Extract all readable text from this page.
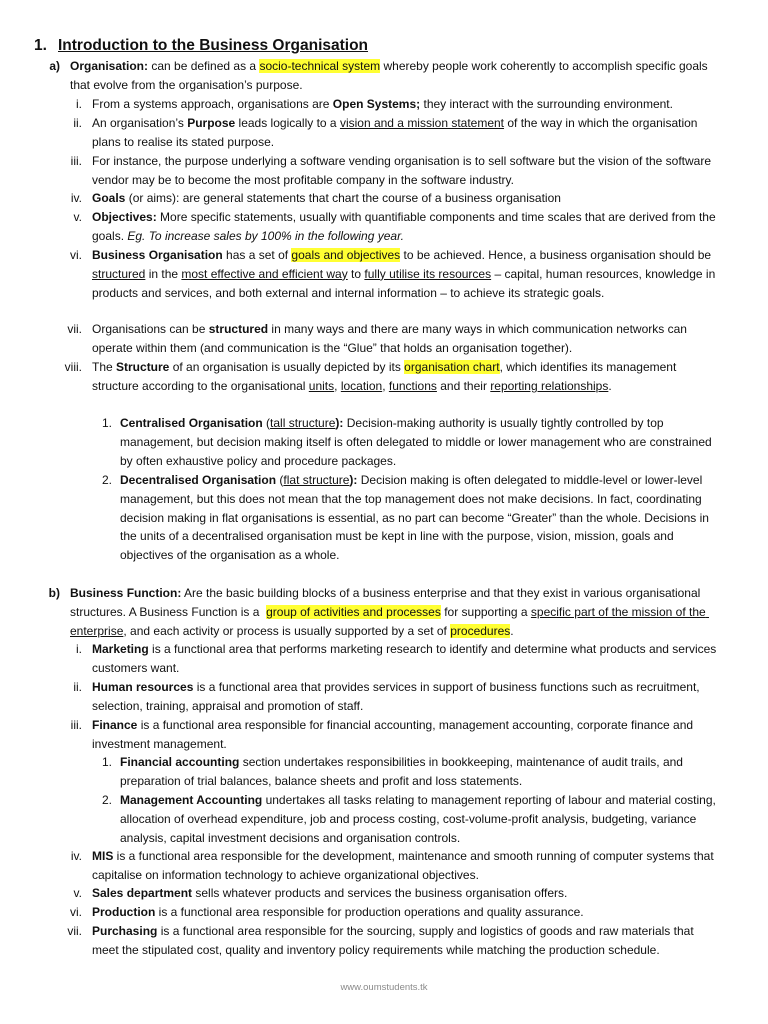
1. Introduction to the Business Organisation
a) Organisation: can be defined as a socio-technical system whereby people work coherently to accomplish specific goals that evolve from the organisation’s purpose.
i. From a systems approach, organisations are Open Systems; they interact with the surrounding environment.
ii. An organisation’s Purpose leads logically to a vision and a mission statement of the way in which the organisation plans to realise its stated purpose.
iii. For instance, the purpose underlying a software vending organisation is to sell software but the vision of the software vendor may be to become the most profitable company in the software industry.
iv. Goals (or aims): are general statements that chart the course of a business organisation
v. Objectives: More specific statements, usually with quantifiable components and time scales that are derived from the goals. Eg. To increase sales by 100% in the following year.
vi. Business Organisation has a set of goals and objectives to be achieved. Hence, a business organisation should be structured in the most effective and efficient way to fully utilise its resources – capital, human resources, knowledge in products and services, and both external and internal information – to achieve its strategic goals.
vii. Organisations can be structured in many ways and there are many ways in which communication networks can operate within them (and communication is the “Glue” that holds an organisation together).
viii. The Structure of an organisation is usually depicted by its organisation chart, which identifies its management structure according to the organisational units, location, functions and their reporting relationships.
1. Centralised Organisation (tall structure): Decision-making authority is usually tightly controlled by top management, but decision making itself is often delegated to middle or lower management who are constrained by often exhaustive policy and procedure packages.
2. Decentralised Organisation (flat structure): Decision making is often delegated to middle-level or lower-level management, but this does not mean that the top management does not make decisions. In fact, coordinating decision making in flat organisations is essential, as no part can become “Greater” than the whole. Decisions in the units of a decentralised organisation must be kept in line with the purpose, vision, mission, goals and objectives of the organisation as a whole.
b) Business Function: Are the basic building blocks of a business enterprise and that they exist in various organisational structures. A Business Function is a  group of activities and processes for supporting a specific part of the mission of the enterprise, and each activity or process is usually supported by a set of procedures.
i. Marketing is a functional area that performs marketing research to identify and determine what products and services customers want.
ii. Human resources is a functional area that provides services in support of business functions such as recruitment, selection, training, appraisal and promotion of staff.
iii. Finance is a functional area responsible for financial accounting, management accounting, corporate finance and investment management.
1. Financial accounting section undertakes responsibilities in bookkeeping, maintenance of audit trails, and preparation of trial balances, balance sheets and profit and loss statements.
2. Management Accounting undertakes all tasks relating to management reporting of labour and material costing, allocation of overhead expenditure, job and process costing, cost-volume-profit analysis, budgeting, variance analysis, capital investment decisions and organisation controls.
iv. MIS is a functional area responsible for the development, maintenance and smooth running of computer systems that capitalise on information technology to achieve organizational objectives.
v. Sales department sells whatever products and services the business organisation offers.
vi. Production is a functional area responsible for production operations and quality assurance.
vii. Purchasing is a functional area responsible for the sourcing, supply and logistics of goods and raw materials that meet the stipulated cost, quality and inventory policy requirements while matching the production schedule.
www.oumstudents.tk
